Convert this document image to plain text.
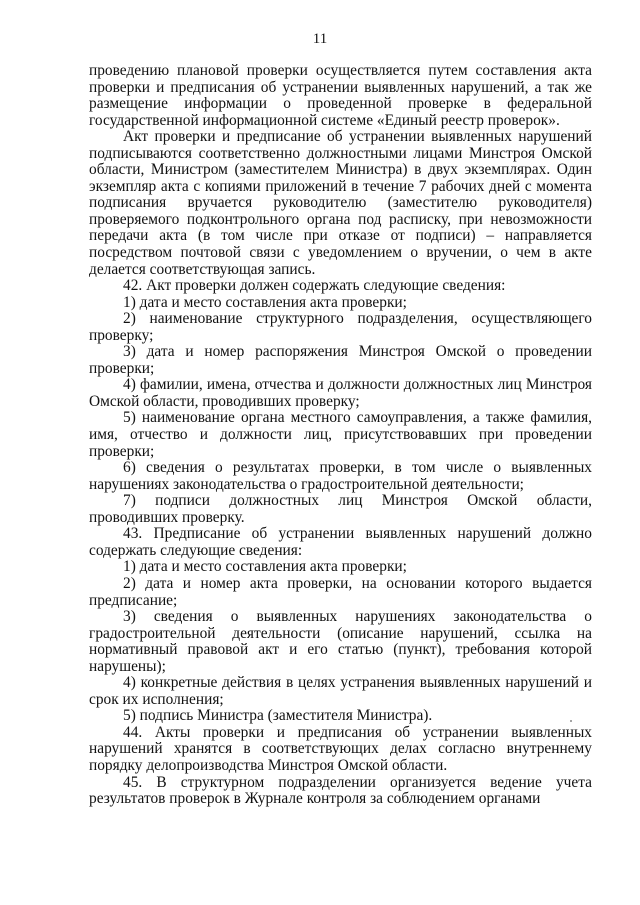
11

проведению плановой проверки осуществляется путем составления акта проверки и предписания об устранении выявленных нарушений, а так же размещение информации о проведенной проверке в федеральной государственной информационной системе «Единый реестр проверок».

Акт проверки и предписание об устранении выявленных нарушений подписываются соответственно должностными лицами Минстроя Омской области, Министром (заместителем Министра) в двух экземплярах. Один экземпляр акта с копиями приложений в течение 7 рабочих дней с момента подписания вручается руководителю (заместителю руководителя) проверяемого подконтрольного органа под расписку, при невозможности передачи акта (в том числе при отказе от подписи) – направляется посредством почтовой связи с уведомлением о вручении, о чем в акте делается соответствующая запись.

42. Акт проверки должен содержать следующие сведения:

1) дата и место составления акта проверки;

2) наименование структурного подразделения, осуществляющего проверку;

3) дата и номер распоряжения Минстроя Омской о проведении проверки;

4) фамилии, имена, отчества и должности должностных лиц Минстроя Омской области, проводивших проверку;

5) наименование органа местного самоуправления, а также фамилия, имя, отчество и должности лиц, присутствовавших при проведении проверки;

6) сведения о результатах проверки, в том числе о выявленных нарушениях законодательства о градостроительной деятельности;

7) подписи должностных лиц Минстроя Омской области, проводивших проверку.

43. Предписание об устранении выявленных нарушений должно содержать следующие сведения:

1) дата и место составления акта проверки;

2) дата и номер акта проверки, на основании которого выдается предписание;

3) сведения о выявленных нарушениях законодательства о градостроительной деятельности (описание нарушений, ссылка на нормативный правовой акт и его статью (пункт), требования которой нарушены);

4) конкретные действия в целях устранения выявленных нарушений и срок их исполнения;

5) подпись Министра (заместителя Министра).

44. Акты проверки и предписания об устранении выявленных нарушений хранятся в соответствующих делах согласно внутреннему порядку делопроизводства Минстроя Омской области.

45. В структурном подразделении организуется ведение учета результатов проверок в Журнале контроля за соблюдением органами
